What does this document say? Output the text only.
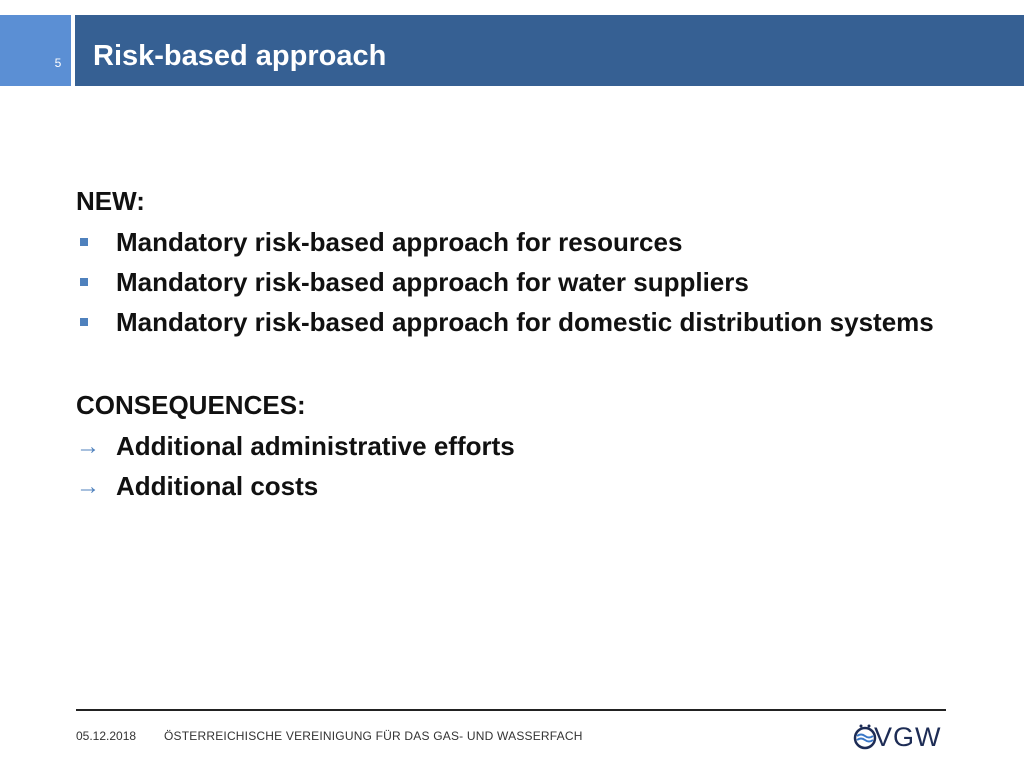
5 Risk-based approach
NEW:
Mandatory risk-based approach for resources
Mandatory risk-based approach for water suppliers
Mandatory risk-based approach for domestic distribution systems
CONSEQUENCES:
→ Additional administrative efforts
→ Additional costs
05.12.2018 ÖSTERREICHISCHE VEREINIGUNG FÜR DAS GAS- UND WASSERFACH	VGW
